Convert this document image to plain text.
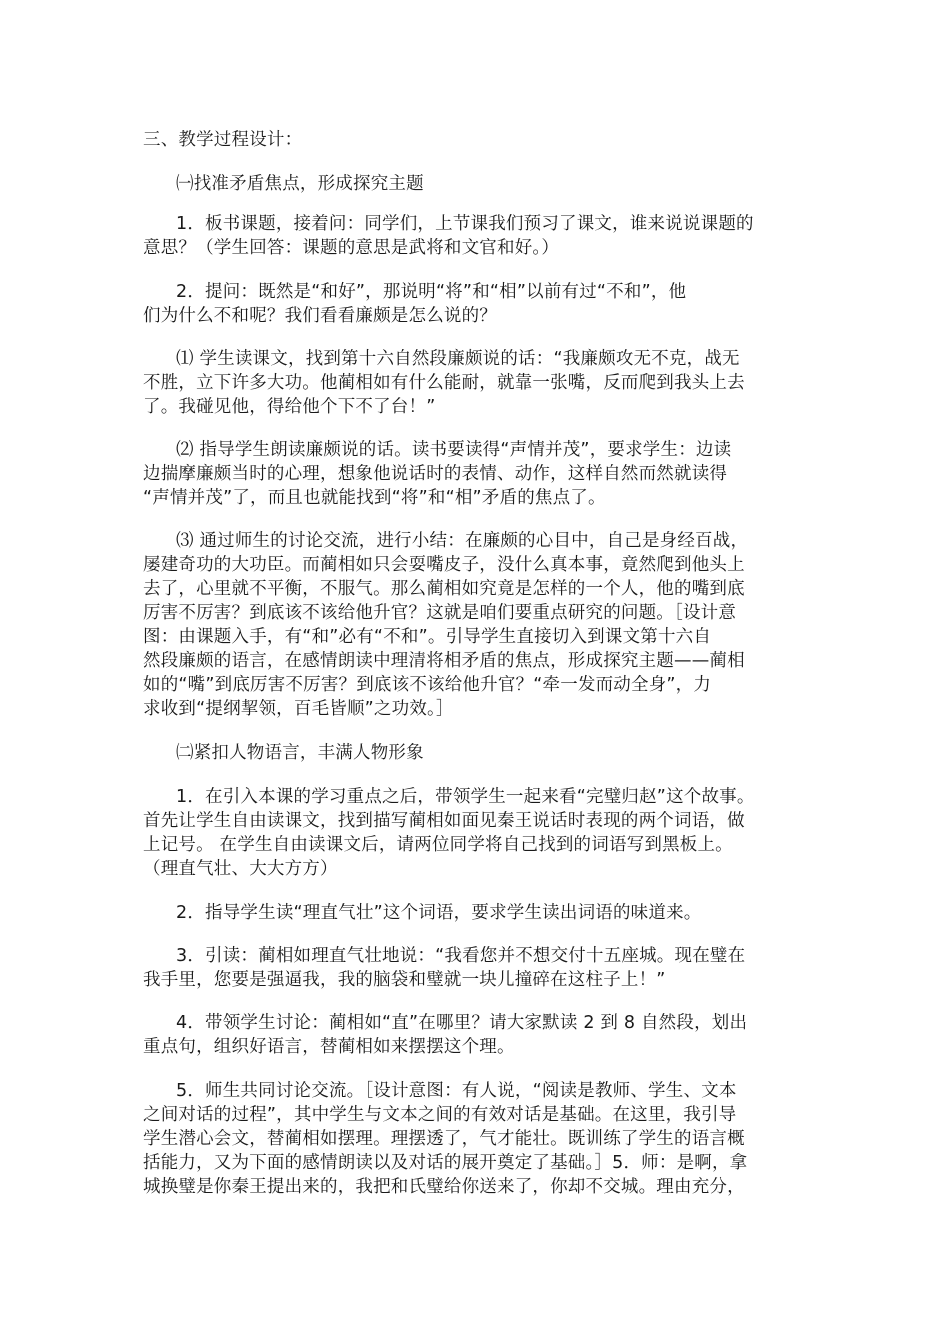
三、教学过程设计：
㈠找准矛盾焦点，形成探究主题
1．板书课题，接着问：同学们，上节课我们预习了课文，谁来说说课题的
意思？（学生回答：课题的意思是武将和文官和好。）
2．提问：既然是“和好”，那说明“将”和“相”以前有过“不和”，他
们为什么不和呢？我们看看廉颇是怎么说的？
⑴ 学生读课文，找到第十六自然段廉颇说的话：“我廉颇攻无不克，战无
不胜，立下许多大功。他蔺相如有什么能耐，就靠一张嘴，反而爬到我头上去
了。我碰见他，得给他个下不了台！”
⑵ 指导学生朗读廉颇说的话。读书要读得“声情并茂”，要求学生：边读
边揣摩廉颇当时的心理，想象他说话时的表情、动作，这样自然而然就读得
“声情并茂”了，而且也就能找到“将”和“相”矛盾的焦点了。
⑶ 通过师生的讨论交流，进行小结：在廉颇的心目中，自己是身经百战，
屡建奇功的大功臣。而蔺相如只会耍嘴皮子，没什么真本事，竟然爬到他头上
去了，心里就不平衡，不服气。那么蔺相如究竟是怎样的一个人，他的嘴到底
厉害不厉害？到底该不该给他升官？这就是咱们要重点研究的问题。［设计意
图：由课题入手，有“和”必有“不和”。引导学生直接切入到课文第十六自
然段廉颇的语言，在感情朗读中理清将相矛盾的焦点，形成探究主题——蔺相
如的“嘴”到底厉害不厉害？到底该不该给他升官？“牵一发而动全身”，力
求收到“提纲挈领，百毛皆顺”之功效。］
㈡紧扣人物语言，丰满人物形象
1．在引入本课的学习重点之后，带领学生一起来看“完璧归赵”这个故事。
首先让学生自由读课文，找到描写蔺相如面见秦王说话时表现的两个词语，做
上记号。 在学生自由读课文后，请两位同学将自己找到的词语写到黑板上。
（理直气壮、大大方方）
2．指导学生读“理直气壮”这个词语，要求学生读出词语的味道来。
3．引读：蔺相如理直气壮地说：“我看您并不想交付十五座城。现在璧在
我手里，您要是强逼我，我的脑袋和璧就一块儿撞碎在这柱子上！”
4．带领学生讨论：蔺相如“直”在哪里？请大家默读 2 到 8 自然段，划出
重点句，组织好语言，替蔺相如来摆摆这个理。
5．师生共同讨论交流。［设计意图：有人说，“阅读是教师、学生、文本
之间对话的过程”，其中学生与文本之间的有效对话是基础。在这里，我引导
学生潜心会文，替蔺相如摆理。理摆透了，气才能壮。既训练了学生的语言概
括能力，又为下面的感情朗读以及对话的展开奠定了基础。］5．师：是啊，拿
城换璧是你秦王提出来的，我把和氏璧给你送来了，你却不交城。理由充分，
